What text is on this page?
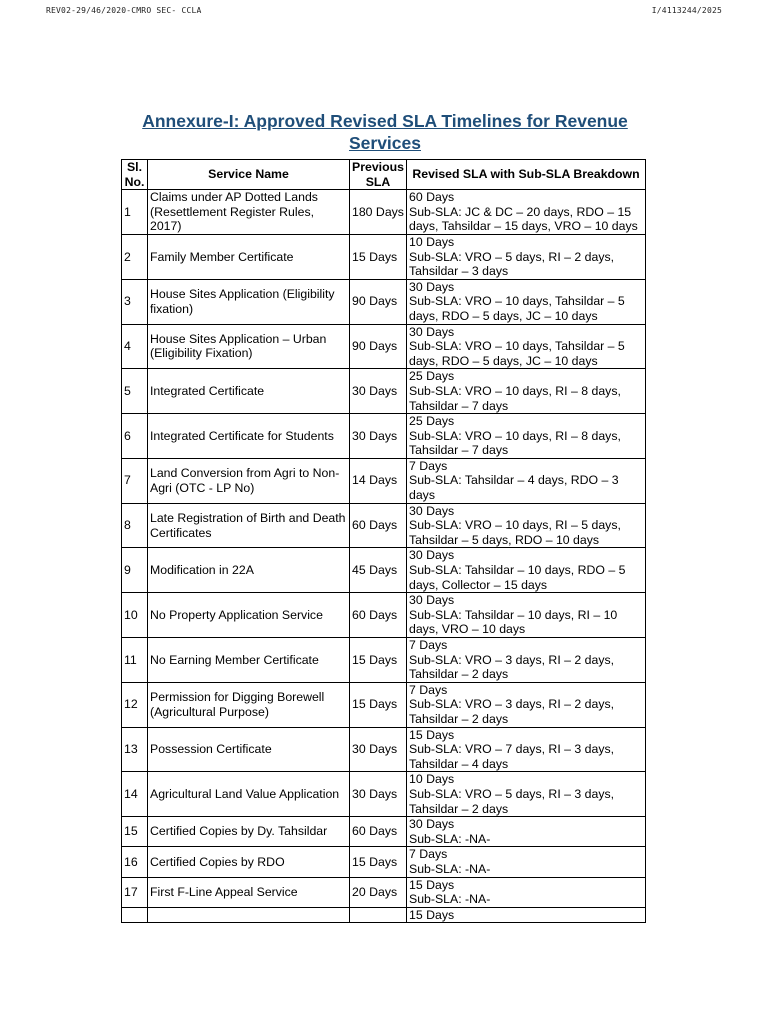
REV02-29/46/2020-CMRO SEC- CCLA	I/4113244/2025
Annexure-I: Approved Revised SLA Timelines for Revenue Services
Sl. No.	Service Name	Previous SLA	Revised SLA with Sub-SLA Breakdown
1	Claims under AP Dotted Lands (Resettlement Register Rules, 2017)	180 Days	60 Days
Sub-SLA: JC & DC – 20 days, RDO – 15 days, Tahsildar – 15 days, VRO – 10 days

2	Family Member Certificate	15 Days	10 Days
Sub-SLA: VRO – 5 days, RI – 2 days, Tahsildar – 3 days

3	House Sites Application (Eligibility fixation)	90 Days	30 Days
Sub-SLA: VRO – 10 days, Tahsildar – 5 days, RDO – 5 days, JC – 10 days

4	House Sites Application – Urban (Eligibility Fixation)	90 Days	30 Days
Sub-SLA: VRO – 10 days, Tahsildar – 5 days, RDO – 5 days, JC – 10 days

5	Integrated Certificate	30 Days	25 Days
Sub-SLA: VRO – 10 days, RI – 8 days, Tahsildar – 7 days

6	Integrated Certificate for Students	30 Days	25 Days
Sub-SLA: VRO – 10 days, RI – 8 days, Tahsildar – 7 days

7	Land Conversion from Agri to Non-Agri (OTC - LP No)	14 Days	7 Days
Sub-SLA: Tahsildar – 4 days, RDO – 3 days

8	Late Registration of Birth and Death Certificates	60 Days	30 Days
Sub-SLA: VRO – 10 days, RI – 5 days, Tahsildar – 5 days, RDO – 10 days

9	Modification in 22A	45 Days	30 Days
Sub-SLA: Tahsildar – 10 days, RDO – 5 days, Collector – 15 days

10	No Property Application Service	60 Days	30 Days
Sub-SLA: Tahsildar – 10 days, RI – 10 days, VRO – 10 days

11	No Earning Member Certificate	15 Days	7 Days
Sub-SLA: VRO – 3 days, RI – 2 days, Tahsildar – 2 days

12	Permission for Digging Borewell (Agricultural Purpose)	15 Days	7 Days
Sub-SLA: VRO – 3 days, RI – 2 days, Tahsildar – 2 days

13	Possession Certificate	30 Days	15 Days
Sub-SLA: VRO – 7 days, RI – 3 days, Tahsildar – 4 days

14	Agricultural Land Value Application	30 Days	10 Days
Sub-SLA: VRO – 5 days, RI – 3 days, Tahsildar – 2 days

15	Certified Copies by Dy. Tahsildar	60 Days	30 Days
Sub-SLA: -NA-

16	Certified Copies by RDO	15 Days	7 Days
Sub-SLA: -NA-

17	First F-Line Appeal Service	20 Days	15 Days
Sub-SLA: -NA-

			15 Days
